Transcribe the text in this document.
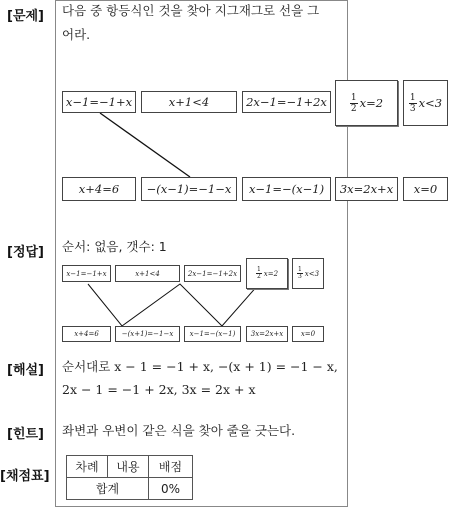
[문제]
[정답]
[해설]
[힌트]
[채점표]
다음 중 항등식인 것을 찾아 지그재그로 선을 그
어라.
x−1=−1+x	x+1<4	2x−1=−1+2x	$\frac{1}{2} x=2$	$\frac{1}{3} x<3$
x+4=6	−(x−1)=−1−x	x−1=−(x−1)	3x=2x+x	x=0
순서: 없음, 갯수: 1
x−1=−1+x	x+1<4	2x−1=−1+2x	$\frac{1}{2} x=2$	$\frac{1}{3} x<3$
x+4=6	−(x+1)=−1−x	x−1=−(x−1)	3x=2x+x	x=0
순서대로 x − 1 = −1 + x, −(x + 1) = −1 − x,
2x − 1 = −1 + 2x, 3x = 2x + x
좌변과 우변이 같은 식을 찾아 줄을 긋는다.
차례	내용	배점
합계		0%
